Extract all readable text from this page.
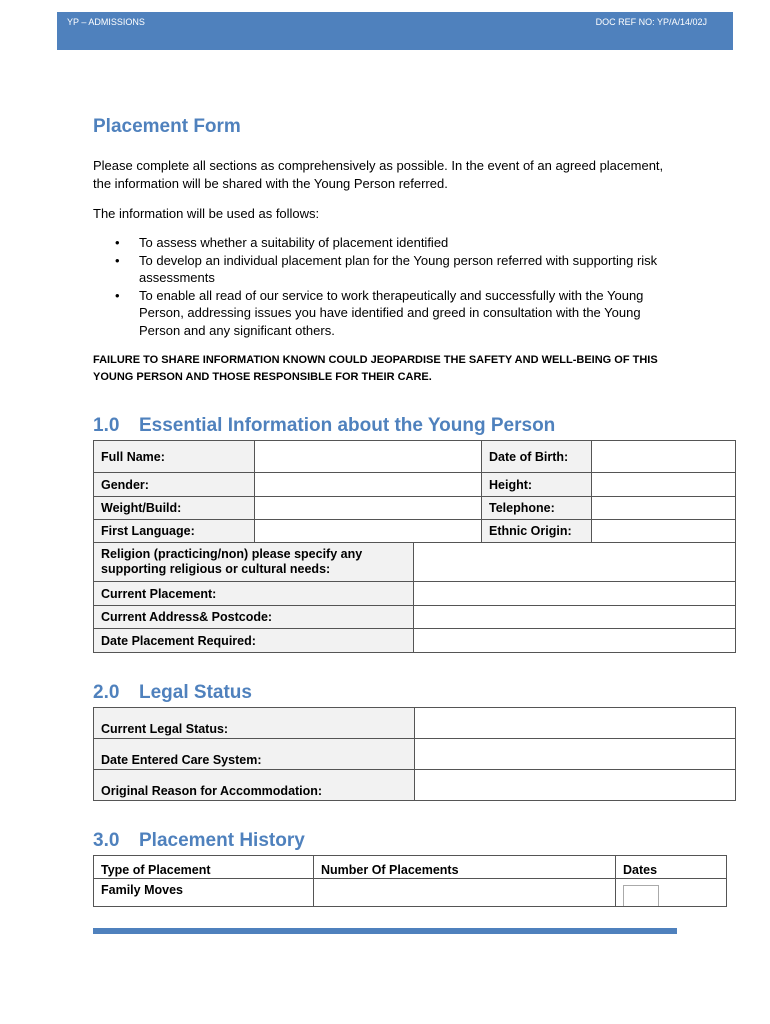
YP – ADMISSIONS	DOC REF NO: YP/A/14/02J
Placement Form

Please complete all sections as comprehensively as possible. In the event of an agreed placement, the information will be shared with the Young Person referred.

The information will be used as follows:

• To assess whether a suitability of placement identified
• To develop an individual placement plan for the Young person referred with supporting risk assessments
• To enable all read of our service to work therapeutically and successfully with the Young Person, addressing issues you have identified and greed in consultation with the Young Person and any significant others.

FAILURE TO SHARE INFORMATION KNOWN COULD JEOPARDISE THE SAFETY AND WELL-BEING OF THIS YOUNG PERSON AND THOSE RESPONSIBLE FOR THEIR CARE.

1.0 Essential Information about the Young Person
Full Name:		Date of Birth:	
Gender:		Height:	
Weight/Build:		Telephone:	
First Language:		Ethnic Origin:	
Religion (practicing/non) please specify any supporting religious or cultural needs:	
Current Placement:	
Current Address& Postcode:	
Date Placement Required:	
2.0 Legal Status
Current Legal Status:	
Date Entered Care System:	
Original Reason for Accommodation:	
3.0 Placement History
Type of Placement	Number Of Placements	Dates
Family Moves		
